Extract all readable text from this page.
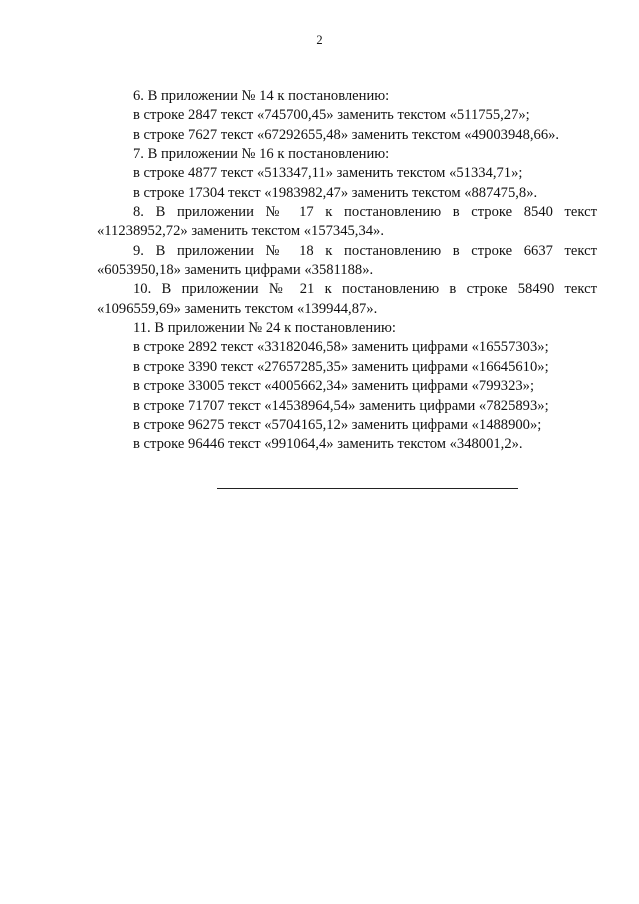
2
6. В приложении № 14 к постановлению:
в строке 2847 текст «745700,45» заменить текстом «511755,27»;
в строке 7627 текст «67292655,48» заменить текстом «49003948,66».
7. В приложении № 16 к постановлению:
в строке 4877 текст «513347,11» заменить текстом «51334,71»;
в строке 17304 текст «1983982,47» заменить текстом «887475,8».
8. В приложении № 17 к постановлению в строке 8540 текст
«11238952,72» заменить текстом «157345,34».
9. В приложении № 18 к постановлению в строке 6637 текст
«6053950,18» заменить цифрами «3581188».
10. В приложении № 21 к постановлению в строке 58490 текст
«1096559,69» заменить текстом «139944,87».
11. В приложении № 24 к постановлению:
в строке 2892 текст «33182046,58» заменить цифрами «16557303»;
в строке 3390 текст «27657285,35» заменить цифрами «16645610»;
в строке 33005 текст «4005662,34» заменить цифрами «799323»;
в строке 71707 текст «14538964,54» заменить цифрами «7825893»;
в строке 96275 текст «5704165,12» заменить цифрами «1488900»;
в строке 96446 текст «991064,4» заменить текстом «348001,2».
